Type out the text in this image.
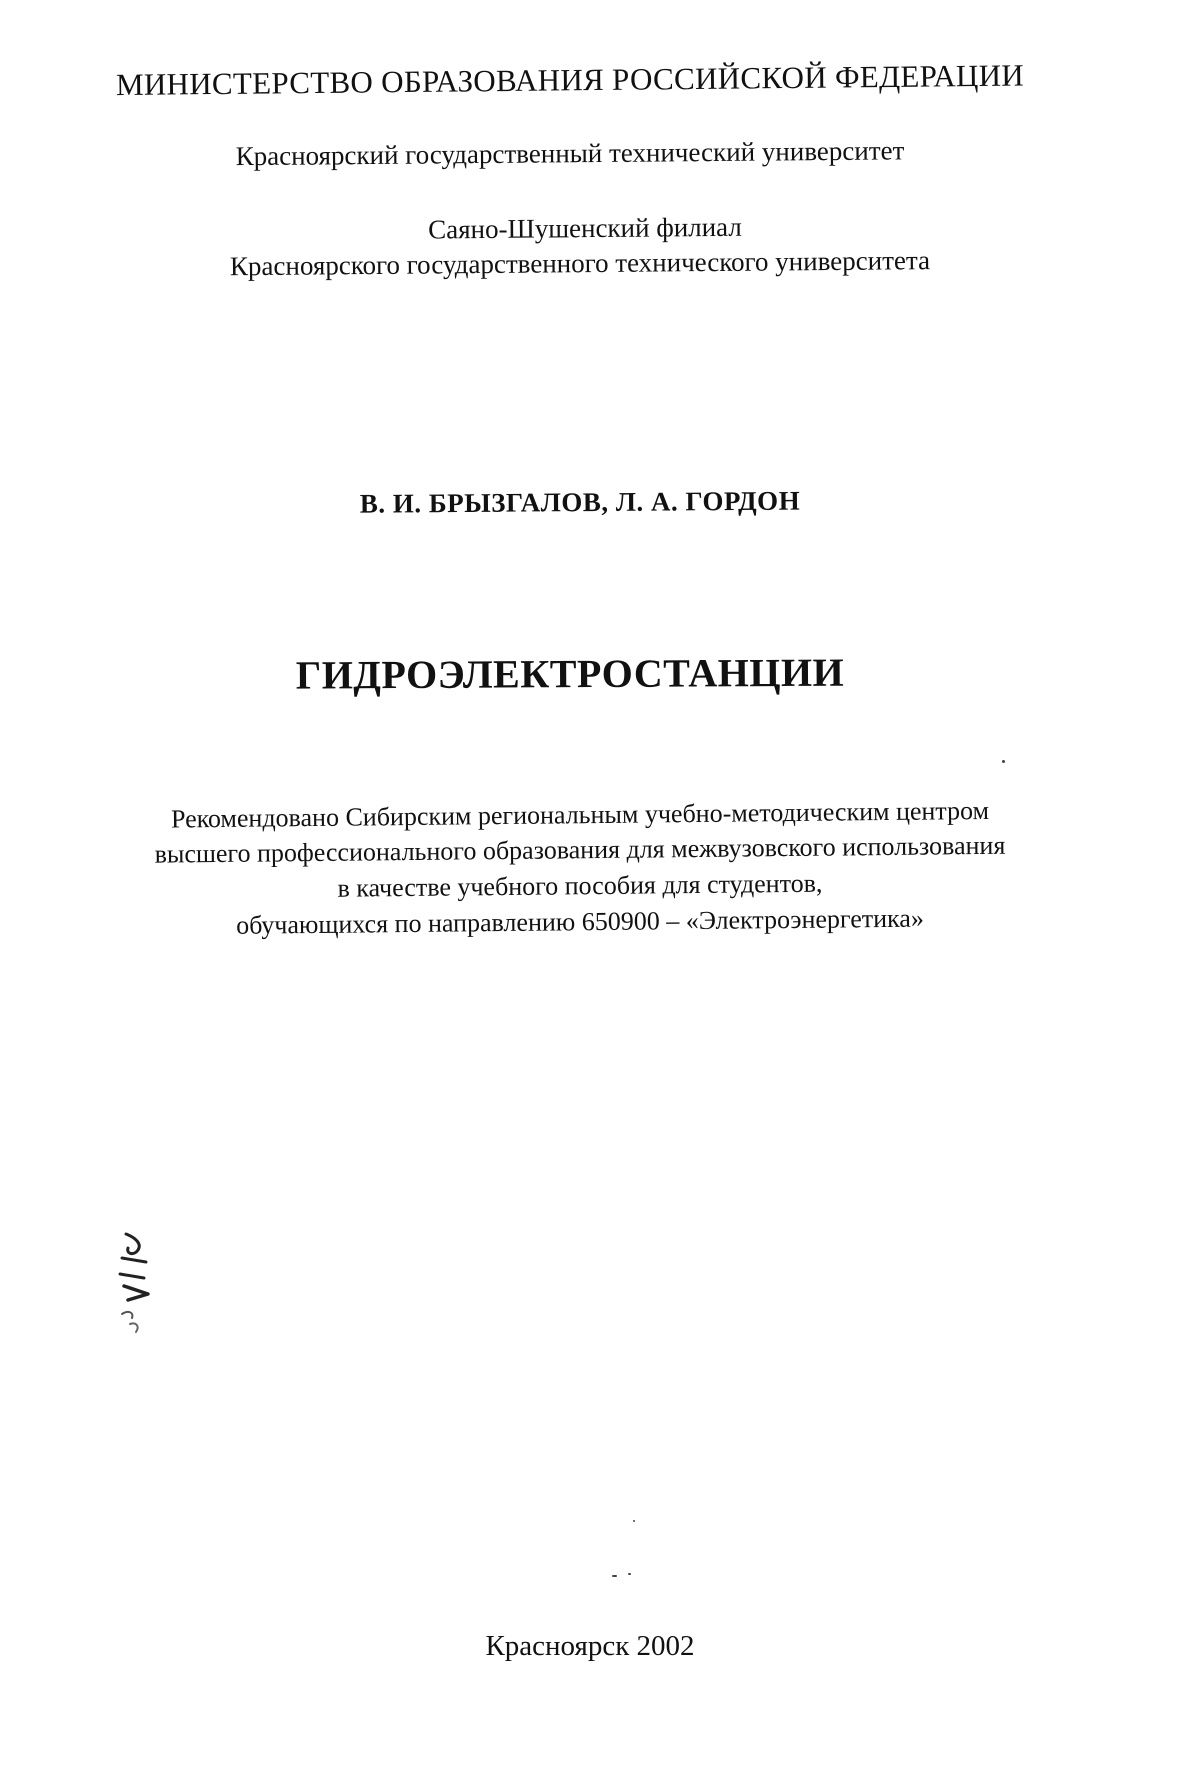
МИНИСТЕРСТВО ОБРАЗОВАНИЯ РОССИЙСКОЙ ФЕДЕРАЦИИ
Красноярский государственный технический университет
Саяно-Шушенский филиал
Красноярского государственного технического университета
В. И. БРЫЗГАЛОВ, Л. А. ГОРДОН
ГИДРОЭЛЕКТРОСТАНЦИИ
Рекомендовано Сибирским региональным учебно-методическим центром
высшего профессионального образования для межвузовского использования
в качестве учебного пособия для студентов,
обучающихся по направлению 650900 – «Электроэнергетика»
Красноярск 2002
